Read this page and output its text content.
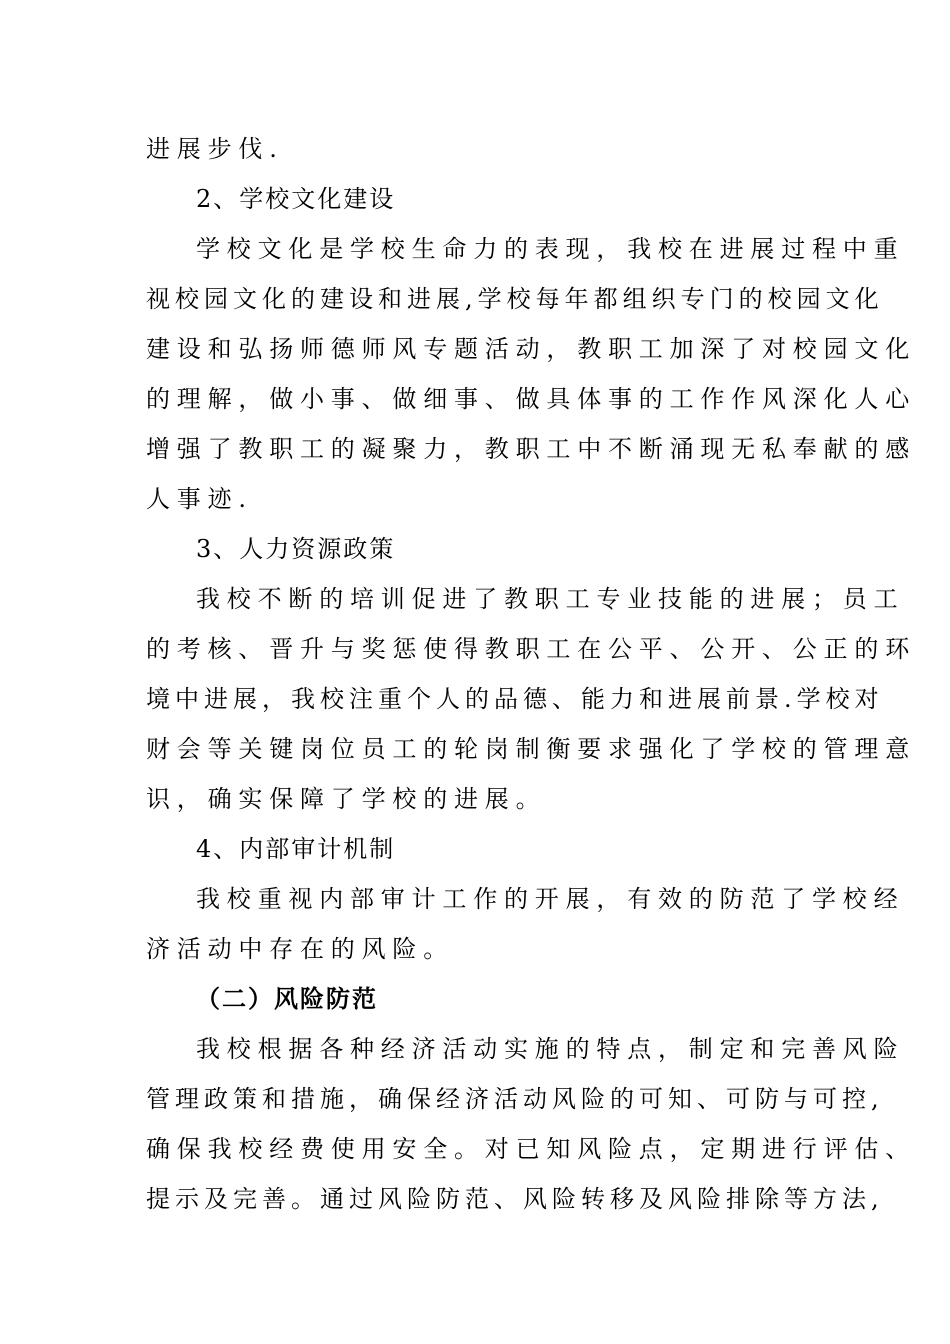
进展步伐.
2、学校文化建设
学校文化是学校生命力的表现，我校在进展过程中重
视校园文化的建设和进展,学校每年都组织专门的校园文化
建设和弘扬师德师风专题活动，教职工加深了对校园文化
的理解，做小事、做细事、做具体事的工作作风深化人心
增强了教职工的凝聚力，教职工中不断涌现无私奉献的感
人事迹.
3、人力资源政策
我校不断的培训促进了教职工专业技能的进展；员工
的考核、晋升与奖惩使得教职工在公平、公开、公正的环
境中进展，我校注重个人的品德、能力和进展前景.学校对
财会等关键岗位员工的轮岗制衡要求强化了学校的管理意
识，确实保障了学校的进展。
4、内部审计机制
我校重视内部审计工作的开展，有效的防范了学校经
济活动中存在的风险。
（二）风险防范
我校根据各种经济活动实施的特点，制定和完善风险
管理政策和措施，确保经济活动风险的可知、可防与可控,
确保我校经费使用安全。对已知风险点，定期进行评估、
提示及完善。通过风险防范、风险转移及风险排除等方法,
